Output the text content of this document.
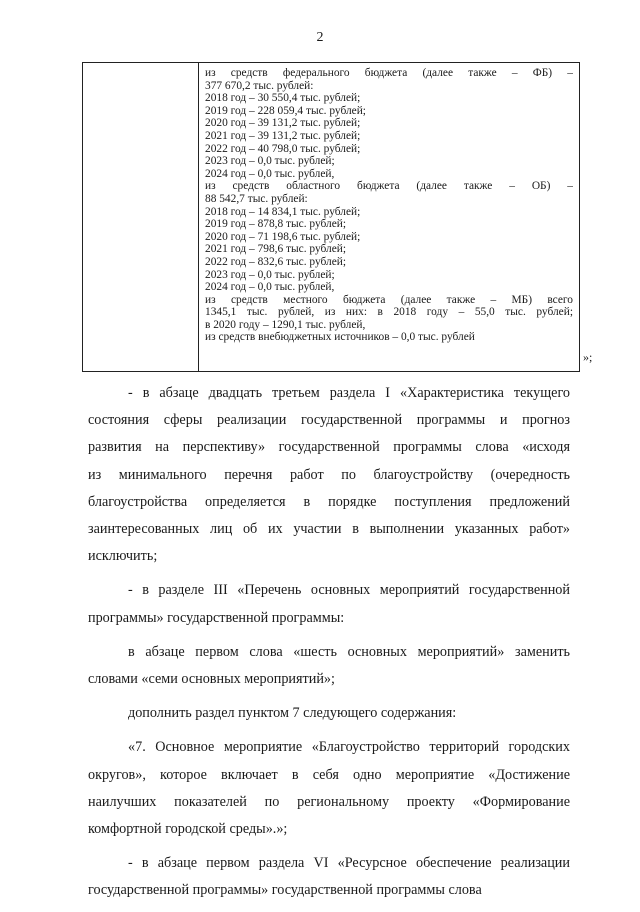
2
из средств федерального бюджета (далее также – ФБ) –
377 670,2 тыс. рублей:
2018 год – 30 550,4 тыс. рублей;
2019 год – 228 059,4 тыс. рублей;
2020 год – 39 131,2 тыс. рублей;
2021 год – 39 131,2 тыс. рублей;
2022 год – 40 798,0 тыс. рублей;
2023 год – 0,0 тыс. рублей;
2024 год – 0,0 тыс. рублей,
из средств областного бюджета (далее также – ОБ) –
88 542,7 тыс. рублей:
2018 год – 14 834,1 тыс. рублей;
2019 год – 878,8 тыс. рублей;
2020 год – 71 198,6 тыс. рублей;
2021 год – 798,6 тыс. рублей;
2022 год – 832,6 тыс. рублей;
2023 год – 0,0 тыс. рублей;
2024 год – 0,0 тыс. рублей,
из средств местного бюджета (далее также – МБ) всего
1345,1 тыс. рублей, из них: в 2018 году – 55,0 тыс. рублей;
в 2020 году – 1290,1 тыс. рублей,
из средств внебюджетных источников – 0,0 тыс. рублей
»;
- в абзаце двадцать третьем раздела I «Характеристика текущего
состояния сферы реализации государственной программы и прогноз
развития на перспективу» государственной программы слова «исходя
из минимального перечня работ по благоустройству (очередность
благоустройства определяется в порядке поступления предложений
заинтересованных лиц об их участии в выполнении указанных работ»
исключить;
- в разделе III «Перечень основных мероприятий государственной
программы» государственной программы:
в абзаце первом слова «шесть основных мероприятий» заменить
словами «семи основных мероприятий»;
дополнить раздел пунктом 7 следующего содержания:
«7. Основное мероприятие «Благоустройство территорий городских
округов», которое включает в себя одно мероприятие «Достижение
наилучших показателей по региональному проекту «Формирование
комфортной городской среды».»;
- в абзаце первом раздела VI «Ресурсное обеспечение реализации
государственной программы» государственной программы слова
